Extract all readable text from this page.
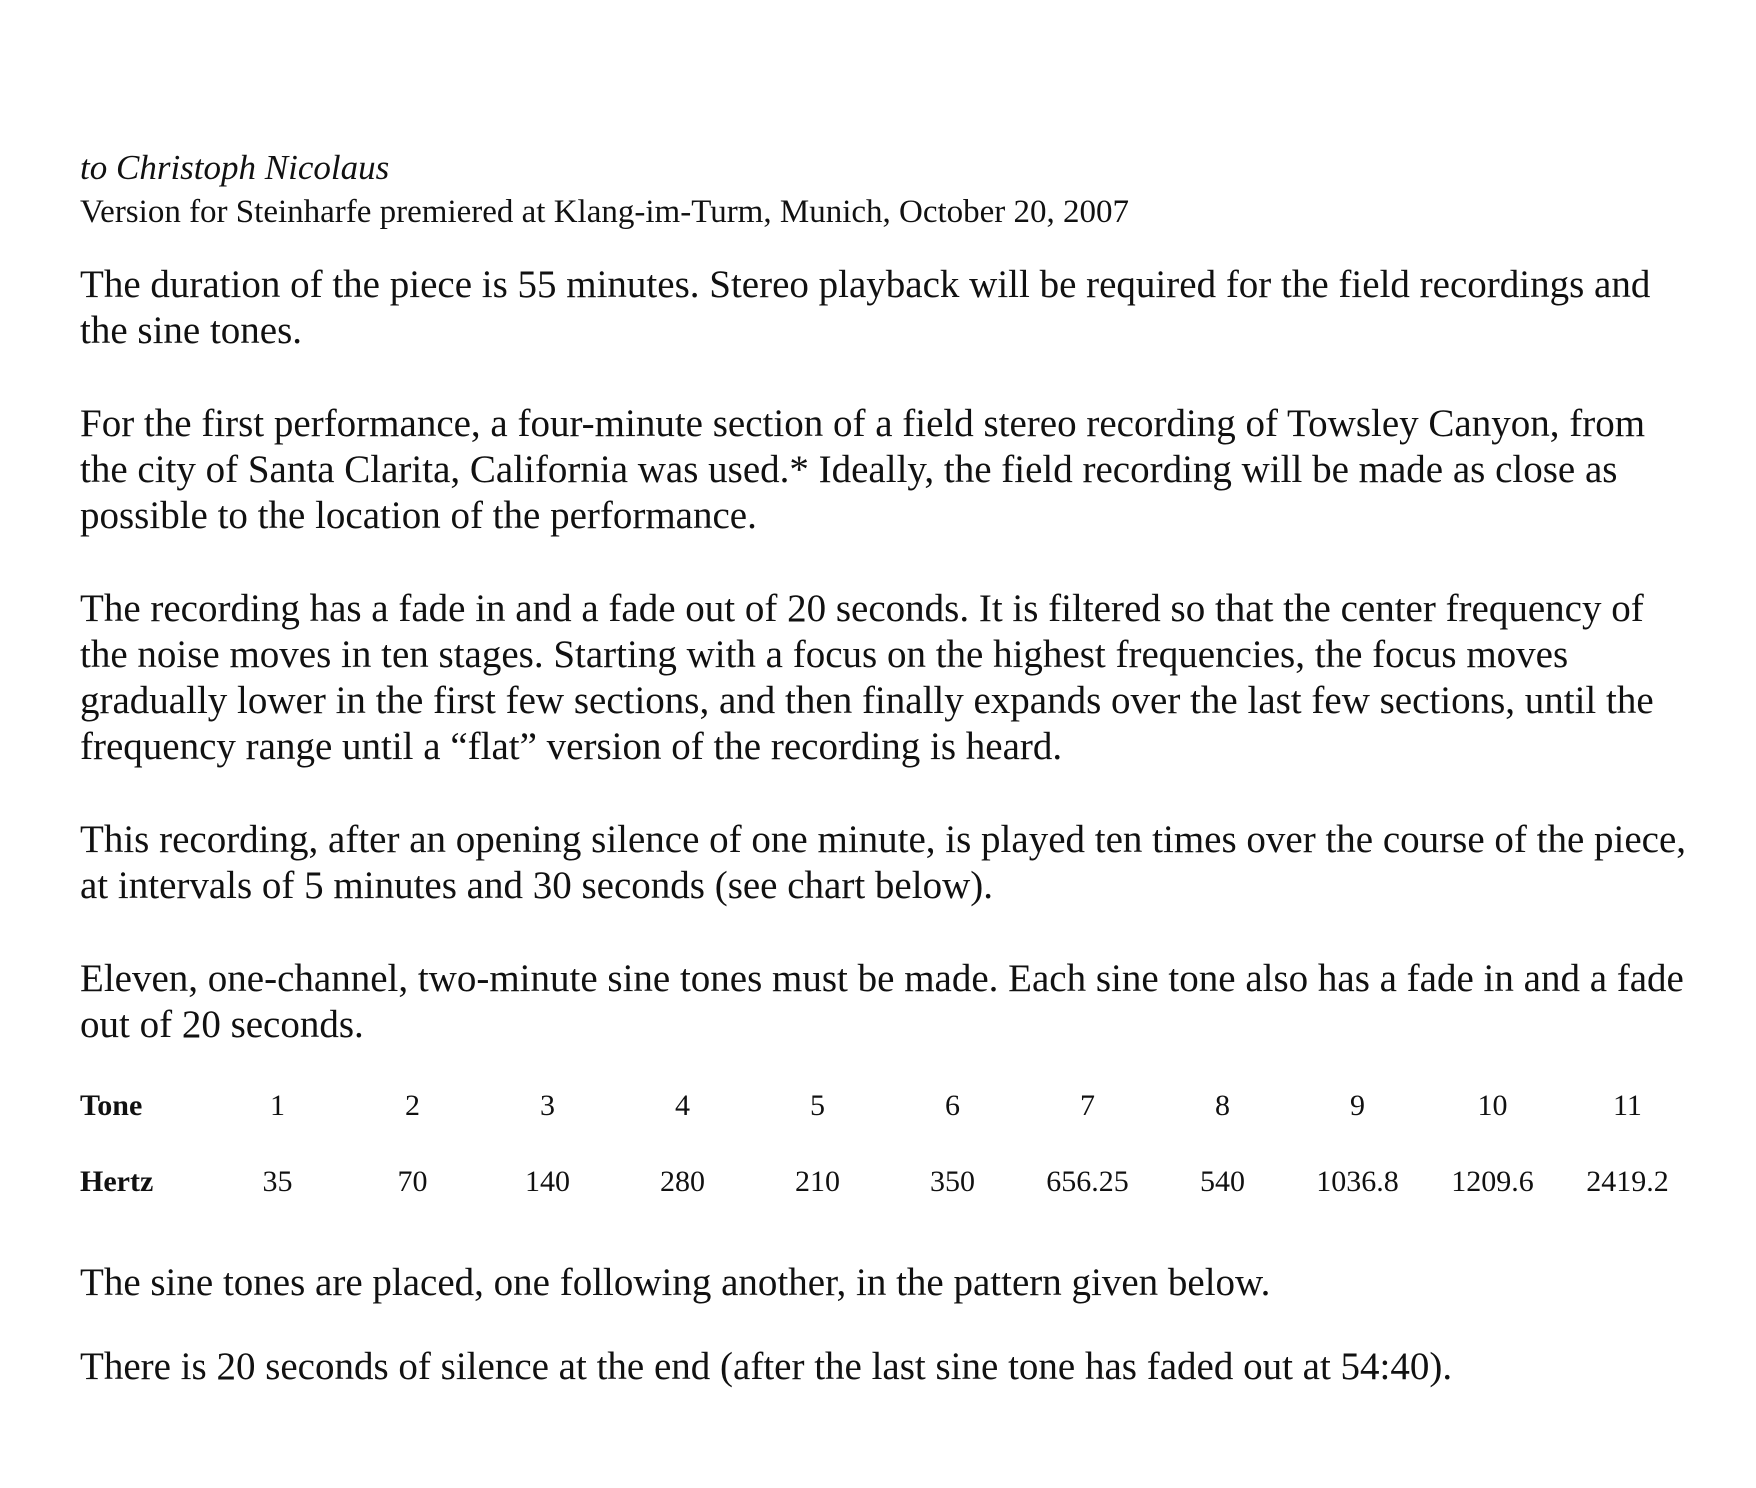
to Christoph Nicolaus

Version for Steinharfe premiered at Klang-im-Turm, Munich, October 20, 2007

The duration of the piece is 55 minutes. Stereo playback will be required for the field recordings and the sine tones.

For the first performance, a four-minute section of a field stereo recording of Towsley Canyon, from the city of Santa Clarita, California was used.* Ideally, the field recording will be made as close as possible to the location of the performance.

The recording has a fade in and a fade out of 20 seconds. It is filtered so that the center frequency of the noise moves in ten stages. Starting with a focus on the highest frequencies, the focus moves gradually lower in the first few sections, and then finally expands over the last few sections, until the frequency range until a “flat” version of the recording is heard.

This recording, after an opening silence of one minute, is played ten times over the course of the piece, at intervals of 5 minutes and 30 seconds (see chart below).

Eleven, one-channel, two-minute sine tones must be made. Each sine tone also has a fade in and a fade out of 20 seconds.

Tone	1	2	3	4	5	6	7	8	9	10	11
Hertz	35	70	140	280	210	350	656.25	540	1036.8	1209.6	2419.2

The sine tones are placed, one following another, in the pattern given below.

There is 20 seconds of silence at the end (after the last sine tone has faded out at 54:40).
